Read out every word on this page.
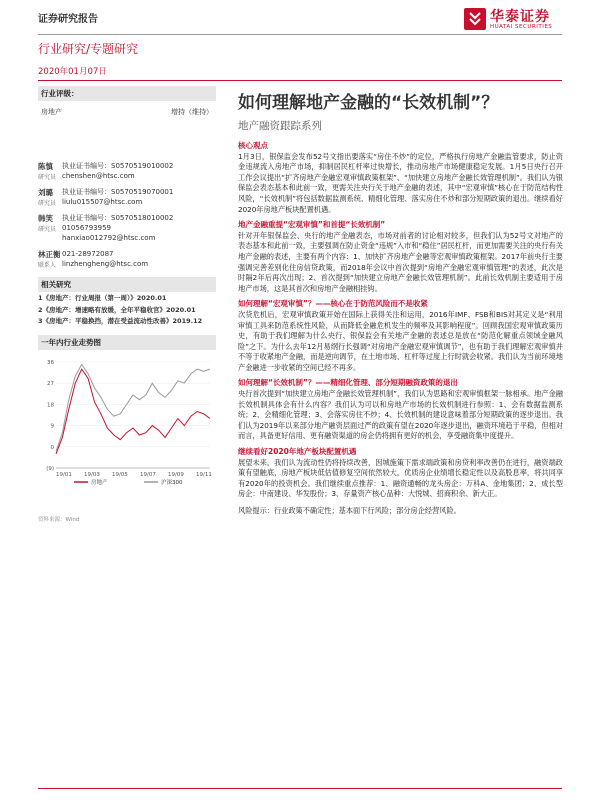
证券研究报告	华泰证券
HUATAI SECURITIES
行业研究/专题研究
2020年01月07日
行业评级：
房地产	增持（维持）
陈慎
研究员
执业证书编号：S0570519010002
chenshen@htsc.com
刘璐
研究员
执业证书编号：S0570519070001
liulu015507@htsc.com
韩笑
研究员
执业证书编号：S0570518010002
01056793959
hanxiao012792@htsc.com
林正衡
联系人
021-28972087
linzhengheng@htsc.com
相关研究
1《房地产：行业周报（第一周）》2020.01
2《房地产：增速略有放缓，全年平稳收官》2020.01
3《房地产：平稳换挡，潜在受益流动性改善》2019.12
一年内行业走势图
(9)
0
9
18
27
36
19/01 19/03 19/05 19/07 19/09 19/11
房地产	沪深300
资料来源：Wind
如何理解地产金融的“长效机制”？
地产融资跟踪系列
核心观点

1月3日，银保监会发布52号文指出要落实“房住不炒”的定位，严格执行房地产金融监管要求，防止资金违规流入房地产市场，抑制居民杠杆率过快增长，推动房地产市场健康稳定发展。1月5日央行召开工作会议提出“扩齐房地产金融宏观审慎政策框架”、“加快建立房地产金融长效管理机制”。我们认为银保监会表态基本和此前一致，更需关注央行关于地产金融的表述，其中“宏观审慎”核心在于防范结构性风险，“长效机制”将包括数据监测系统、精细化管理、落实房住不炒和部分短期政策的退出。继续看好2020年房地产板块配置机遇。

地产金融重提“宏观审慎”和首提“长效机制”

针对开年银保监会、央行的地产金融表态，市场对前者的讨论相对较多，但我们认为52号文对地产的表态基本和此前一致，主要强调在防止资金“违规”入市和“稳住”居民杠杆，而更加需要关注的央行有关地产金融的表述，主要有两个内容：1、加快扩齐房地产金融等宏观审慎政策框架。2017年前央行主要强调完善差别化住房信贷政策，而2018年会议中首次提到“房地产金融宏观审慎管理”的表述，此次是时隔2年后再次出现；2、首次提到“加快建立房地产金融长效管理机制”。此前长效机制主要适用于房地产市场，这是其首次和房地产金融相挂钩。

如何理解“宏观审慎”？——核心在于防范风险而不是收紧

次贷危机后，宏观审慎政策开始在国际上获得关注和运用，2016年IMF、FSB和BIS对其定义是“利用审慎工具来防范系统性风险，从而降低金融危机发生的频率及其影响程度”。回顾我国宏观审慎政策历史，有助于我们理解为什么央行、银保监会有关地产金融的表述总是放在“防范化解重点领域金融风险”之下。为什么去年12月易纲行长强调“对房地产金融宏观审慎调节”，也有助于我们理解宏观审慎并不等于收紧地产金融，而是逆向调节，在土地市场、杠杆等过度上行时就会收紧。我们认为当前环境地产金融进一步收紧的空间已经不再多。

如何理解“长效机制”？——精细化管理、部分短期融资政策的退出

央行首次提到“加快建立房地产金融长效管理机制”，我们认为思路和宏观审慎框架一脉相承。地产金融长效机制具体会有什么内容？我们认为可以和房地产市场的长效机制进行参照：1、会有数据监测系统；2、会精细化管理；3、会落实房住不炒；4、长效机制的建设意味着部分短期政策的逐步退出。我们认为2019年以来部分地产融资层面过严的政策有望在2020年逐步退出，融资环境趋于平稳，但相对而言，具备更好信用、更有融资渠道的房企仍将拥有更好的机会，享受融资集中度提升。

继续看好2020年地产板块配置机遇

展望未来，我们认为流动性仍将持续改善，因城施策下需求端政策和房贷利率改善仍在进行，融资端政策有望触底，房地产板块低估值修复空间依然较大，优质房企业绩增长稳定性以及高股息率，将共同享有2020年的投资机会。我们继续重点推荐：1、融资通畅的龙头房企：万科A、金地集团；2、成长型房企：中南建设、华发股份；3、存量资产核心品种：大悦城、招商积余、新大正。

风险提示：行业政策不确定性；基本面下行风险；部分房企经营风险。
